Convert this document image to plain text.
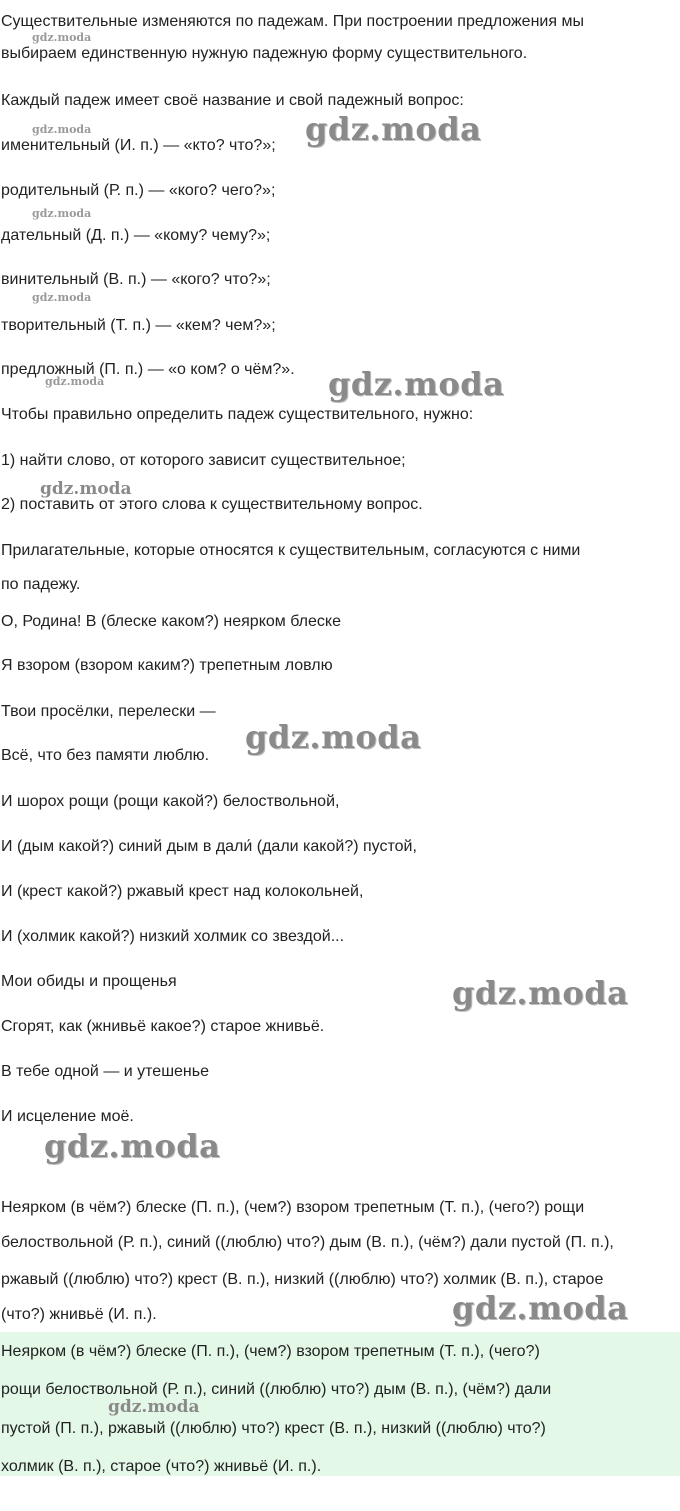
Существительные изменяются по падежам. При построении предложения мы
выбираем единственную нужную падежную форму существительного.
Каждый падеж имеет своё название и свой падежный вопрос:
именительный (И. п.) — «кто? что?»;
родительный (Р. п.) — «кого? чего?»;
дательный (Д. п.) — «кому? чему?»;
винительный (В. п.) — «кого? что?»;
творительный (Т. п.) — «кем? чем?»;
предложный (П. п.) — «о ком? о чём?».
Чтобы правильно определить падеж существительного, нужно:
1) найти слово, от которого зависит существительное;
2) поставить от этого слова к существительному вопрос.
Прилагательные, которые относятся к существительным, согласуются с ними
по падежу.
О, Родина! В (блеске каком?) неярком блеске
Я взором (взором каким?) трепетным ловлю
Твои просёлки, перелески —
Всё, что без памяти люблю.
И шорох рощи (рощи какой?) белоствольной,
И (дым какой?) синий дым в дали́ (дали какой?) пустой,
И (крест какой?) ржавый крест над колокольней,
И (холмик какой?) низкий холмик со звездой...
Мои обиды и прощенья
Сгорят, как (жнивьё какое?) старое жнивьё.
В тебе одной — и утешенье
И исцеление моё.
Неярком (в чём?) блеске (П. п.), (чем?) взором трепетным (Т. п.), (чего?) рощи
белоствольной (Р. п.), синий ((люблю) что?) дым (В. п.), (чём?) дали пустой (П. п.),
ржавый ((люблю) что?) крест (В. п.), низкий ((люблю) что?) холмик (В. п.), старое
(что?) жнивьё (И. п.).
Неярком (в чём?) блеске (П. п.), (чем?) взором трепетным (Т. п.), (чего?)
рощи белоствольной (Р. п.), синий ((люблю) что?) дым (В. п.), (чём?) дали
пустой (П. п.), ржавый ((люблю) что?) крест (В. п.), низкий ((люблю) что?)
холмик (В. п.), старое (что?) жнивьё (И. п.).
gdz.moda
gdz.moda	gdz.moda
gdz.moda
gdz.moda
gdz.moda
gdz.moda
gdz.moda
gdz.moda
gdz.moda
gdz.moda
gdz.moda
gdz.moda
